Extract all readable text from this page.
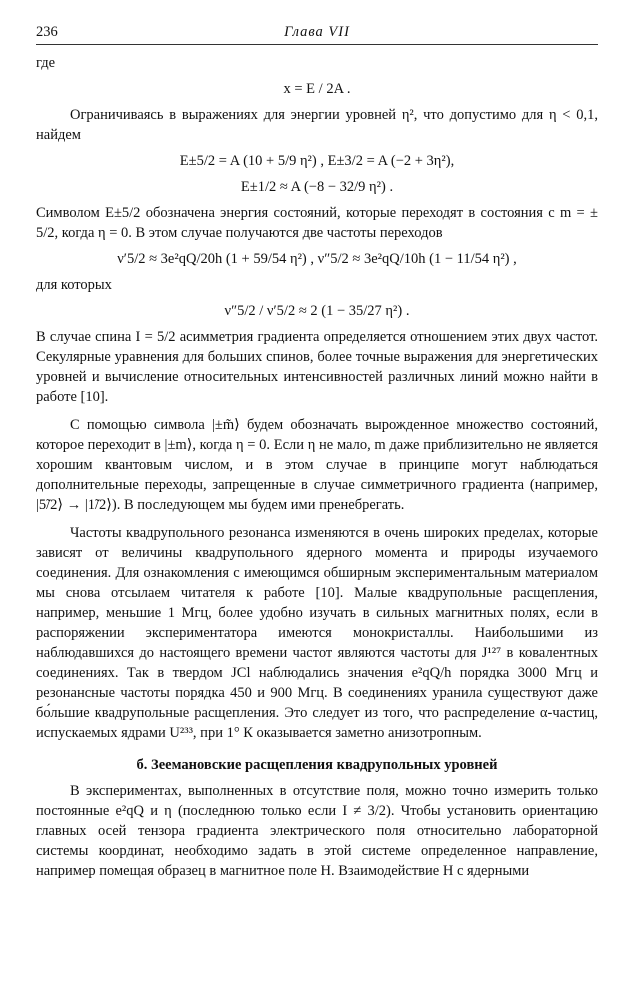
236	Глава VII

где

x = E / 2A .

Ограничиваясь в выражениях для энергии уровней η², что допустимо для η < 0,1, найдем

E±5/2 = A (10 + 5/9 η²) , E±3/2 = A (−2 + 3η²),
E±1/2 ≈ A (−8 − 32/9 η²) .

Символом E±5/2 обозначена энергия состояний, которые переходят в состояния с m = ± 5/2, когда η = 0. В этом случае получаются две частоты переходов

ν′5/2 ≈ 3e²qQ/20h (1 + 59/54 η²) , ν″5/2 ≈ 3e²qQ/10h (1 − 11/54 η²) ,

для которых

ν″5/2 / ν′5/2 ≈ 2 (1 − 35/27 η²) .

В случае спина I = 5/2 асимметрия градиента определяется отношением этих двух частот. Секулярные уравнения для больших спинов, более точные выражения для энергетических уровней и вычисление относительных интенсивностей различных линий можно найти в работе [10].

С помощью символа |±m̃⟩ будем обозначать вырожденное множество состояний, которое переходит в |±m⟩, когда η = 0. Если η не мало, m даже приблизительно не является хорошим квантовым числом, и в этом случае в принципе могут наблюдаться дополнительные переходы, запрещенные в случае симметричного градиента (например, |5̃/2⟩ → |1̃/2⟩). В последующем мы будем ими пренебрегать.

Частоты квадрупольного резонанса изменяются в очень широких пределах, которые зависят от величины квадрупольного ядерного момента и природы изучаемого соединения. Для ознакомления с имеющимся обширным экспериментальным материалом мы снова отсылаем читателя к работе [10]. Малые квадрупольные расщепления, например, меньшие 1 Мгц, более удобно изучать в сильных магнитных полях, если в распоряжении экспериментатора имеются монокристаллы. Наибольшими из наблюдавшихся до настоящего времени частот являются частоты для J¹²⁷ в ковалентных соединениях. Так в твердом JCl наблюдались значения e²qQ/h порядка 3000 Мгц и резонансные частоты порядка 450 и 900 Мгц. В соединениях уранила существуют даже бо́льшие квадрупольные расщепления. Это следует из того, что распределение α-частиц, испускаемых ядрами U²³³, при 1° К оказывается заметно анизотропным.

б. Зеемановские расщепления квадрупольных уровней

В экспериментах, выполненных в отсутствие поля, можно точно измерить только постоянные e²qQ и η (последнюю только если I ≠ 3/2). Чтобы установить ориентацию главных осей тензора градиента электрического поля относительно лабораторной системы координат, необходимо задать в этой системе определенное направление, например помещая образец в магнитное поле H. Взаимодействие H с ядерными
